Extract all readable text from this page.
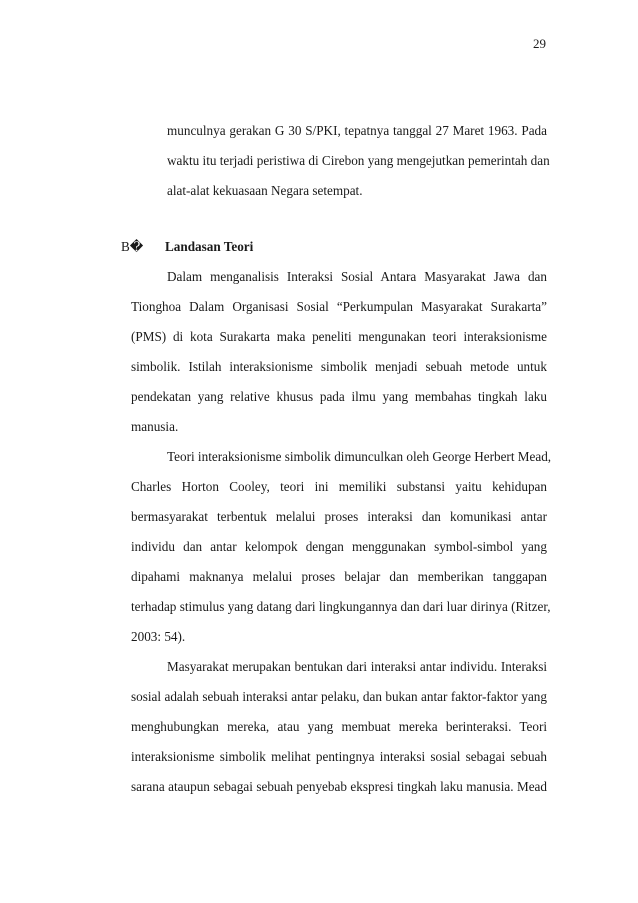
29
munculnya gerakan G 30 S/PKI, tepatnya tanggal 27 Maret 1963. Pada
waktu itu terjadi peristiwa di Cirebon yang mengejutkan pemerintah dan
alat-alat kekuasaan Negara setempat.
B� Landasan Teori
Dalam menganalisis Interaksi Sosial Antara Masyarakat Jawa dan
Tionghoa Dalam Organisasi Sosial “Perkumpulan Masyarakat Surakarta”
(PMS) di kota Surakarta maka peneliti mengunakan teori interaksionisme
simbolik. Istilah interaksionisme simbolik menjadi sebuah metode untuk
pendekatan yang relative khusus pada ilmu yang membahas tingkah laku
manusia.
Teori interaksionisme simbolik dimunculkan oleh George Herbert Mead,
Charles Horton Cooley, teori ini memiliki substansi yaitu kehidupan
bermasyarakat terbentuk melalui proses interaksi dan komunikasi antar
individu dan antar kelompok dengan menggunakan symbol-simbol yang
dipahami maknanya melalui proses belajar dan memberikan tanggapan
terhadap stimulus yang datang dari lingkungannya dan dari luar dirinya (Ritzer,
2003: 54).
Masyarakat merupakan bentukan dari interaksi antar individu. Interaksi
sosial adalah sebuah interaksi antar pelaku, dan bukan antar faktor-faktor yang
menghubungkan mereka, atau yang membuat mereka berinteraksi. Teori
interaksionisme simbolik melihat pentingnya interaksi sosial sebagai sebuah
sarana ataupun sebagai sebuah penyebab ekspresi tingkah laku manusia. Mead
